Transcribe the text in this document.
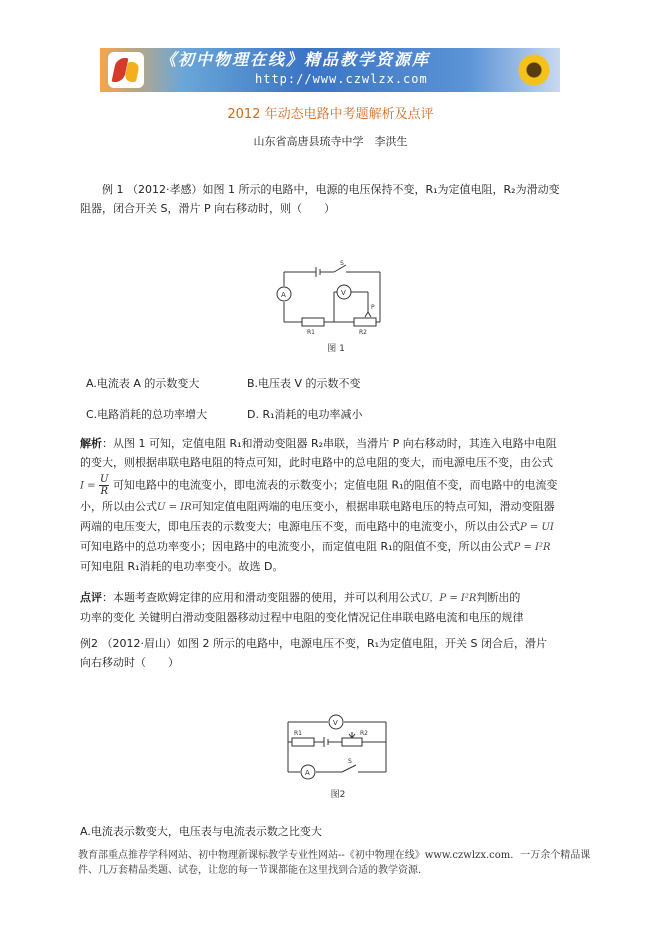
《初中物理在线》精品教学资源库
http://www.czwlzx.com
2012 年动态电路中考题解析及点评
山东省高唐县琉寺中学　李洪生
例 1 （2012·孝感）如图 1 所示的电路中，电源的电压保持不变，R₁为定值电阻，R₂为滑动变
阻器，闭合开关 S，滑片 P 向右移动时，则（　　）
S
A	V
P
R1	R2
图 1
A.电流表 A 的示数变大	B.电压表 V 的示数不变
C.电路消耗的总功率增大	D. R₁消耗的电功率减小
解析：从图 1 可知，定值电阻 R₁和滑动变阻器 R₂串联，当滑片 P 向右移动时，其连入电路中电阻
的变大，则根据串联电路电阻的特点可知，此时电路中的总电阻的变大，而电源电压不变，由公式
$I = \frac{U}{R}$ 可知电路中的电流变小，即电流表的示数变小；定值电阻 R₁的阻值不变，而电路中的电流变
小，所以由公式U = IR可知定值电阻两端的电压变小，根据串联电路电压的特点可知，滑动变阻器
两端的电压变大，即电压表的示数变大；电源电压不变，而电路中的电流变小，所以由公式P = UI
可知电路中的总功率变小；因电路中的电流变小，而定值电阻 R₁的阻值不变，所以由公式P = I²R
可知电阻 R₁消耗的电功率变小。故选 D。
点评：本题考查欧姆定律的应用和滑动变阻器的使用，并可以利用公式U，P = I²R判断出的
功率的变化 关键明白滑动变阻器移动过程中电阻的变化情况记住串联电路电流和电压的规律
例2 （2012·眉山）如图 2 所示的电路中，电源电压不变，R₁为定值电阻，开关 S 闭合后，滑片
向右移动时（　　）
V
R1	R2
A
S
图2
A.电流表示数变大，电压表与电流表示数之比变大
教育部重点推荐学科网站、初中物理新课标教学专业性网站--《初中物理在线》www.czwlzx.com．一万余个精品课
件、几万套精品类题、试卷，让您的每一节课都能在这里找到合适的教学资源．
